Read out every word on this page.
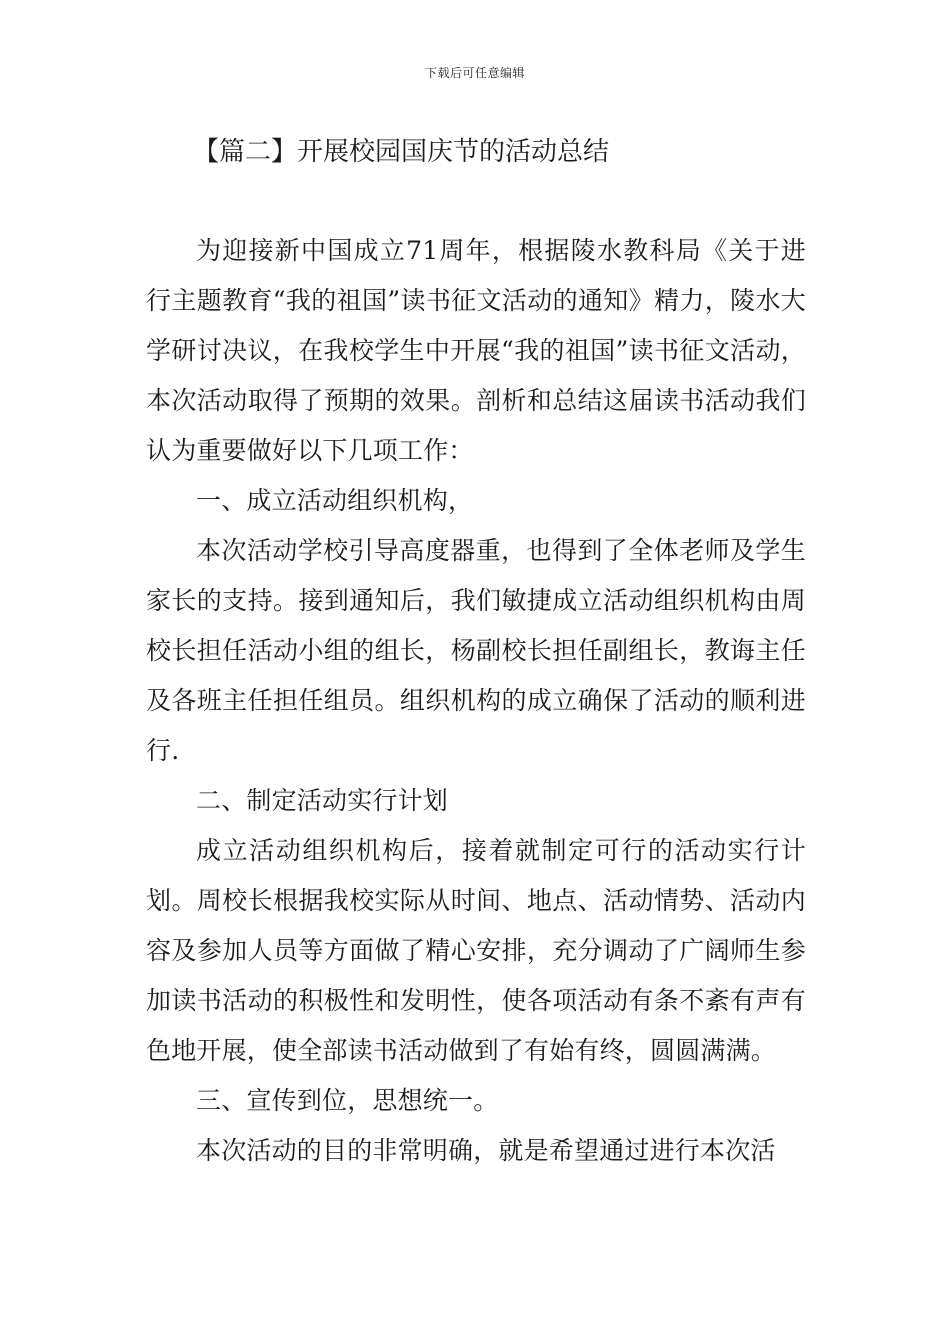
下载后可任意编辑
【篇二】开展校园国庆节的活动总结

为迎接新中国成立71周年，根据陵水教科局《关于进行主题教育“我的祖国”读书征文活动的通知》精力，陵水大学研讨决议，在我校学生中开展“我的祖国”读书征文活动，本次活动取得了预期的效果。剖析和总结这届读书活动我们认为重要做好以下几项工作：

一、成立活动组织机构，

本次活动学校引导高度器重，也得到了全体老师及学生家长的支持。接到通知后，我们敏捷成立活动组织机构由周校长担任活动小组的组长，杨副校长担任副组长，教诲主任及各班主任担任组员。组织机构的成立确保了活动的顺利进行.

二、制定活动实行计划

成立活动组织机构后，接着就制定可行的活动实行计划。周校长根据我校实际从时间、地点、活动情势、活动内容及参加人员等方面做了精心安排，充分调动了广阔师生参加读书活动的积极性和发明性，使各项活动有条不紊有声有色地开展，使全部读书活动做到了有始有终，圆圆满满。

三、宣传到位，思想统一。

本次活动的目的非常明确，就是希望通过进行本次活
